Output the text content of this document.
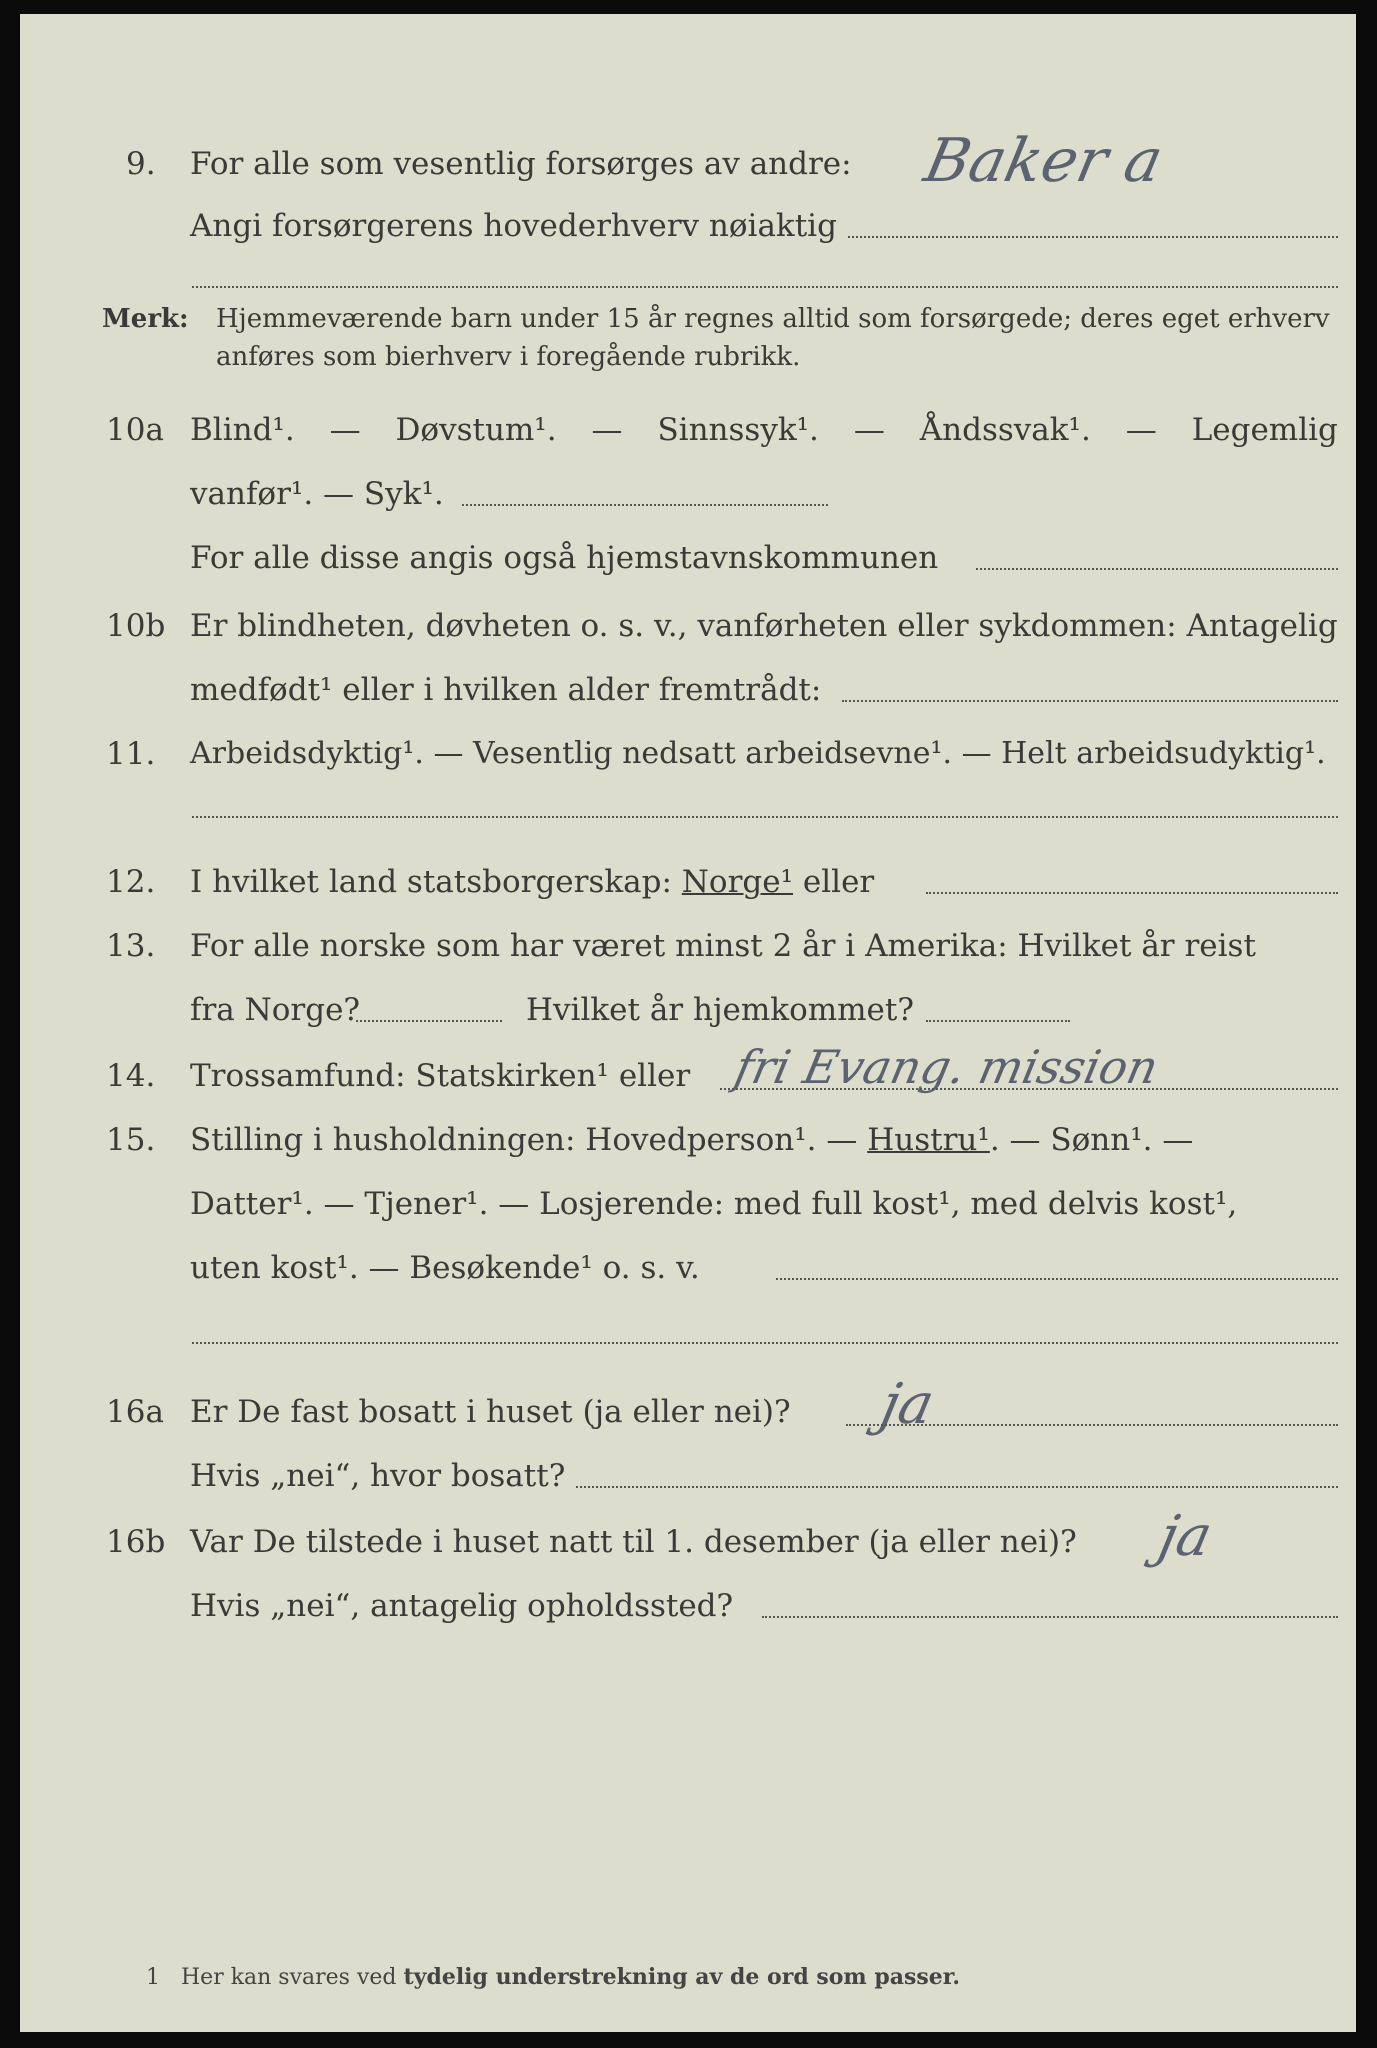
9.	For alle som vesentlig forsørges av andre: Baker a
Angi forsørgerens hovederhverv nøiaktig
Merk: Hjemmeværende barn under 15 år regnes alltid som forsørgede; deres eget erhverv
anføres som bierhverv i foregående rubrikk.
10a Blind¹. — Døvstum¹. — Sinnssyk¹. — Åndssvak¹. — Legemlig
vanfør¹. — Syk¹.
For alle disse angis også hjemstavnskommunen
10b Er blindheten, døvheten o. s. v., vanførheten eller sykdommen: Antagelig
medfødt¹ eller i hvilken alder fremtrådt:
11.	Arbeidsdyktig¹. — Vesentlig nedsatt arbeidsevne¹. — Helt arbeidsudyktig¹.
12.	I hvilket land statsborgerskap: Norge¹ eller
13.	For alle norske som har været minst 2 år i Amerika: Hvilket år reist
fra Norge?	Hvilket år hjemkommet?
14.	Trossamfund: Statskirken¹ eller fri Evang. mission
15.	Stilling i husholdningen: Hovedperson¹. — Hustru¹. — Sønn¹. —
Datter¹. — Tjener¹. — Losjerende: med full kost¹, med delvis kost¹,
uten kost¹. — Besøkende¹ o. s. v.
16a Er De fast bosatt i huset (ja eller nei)? ja
Hvis „nei“, hvor bosatt?
16b Var De tilstede i huset natt til 1. desember (ja eller nei)? ja
Hvis „nei“, antagelig opholdssted?
1 Her kan svares ved tydelig understrekning av de ord som passer.
